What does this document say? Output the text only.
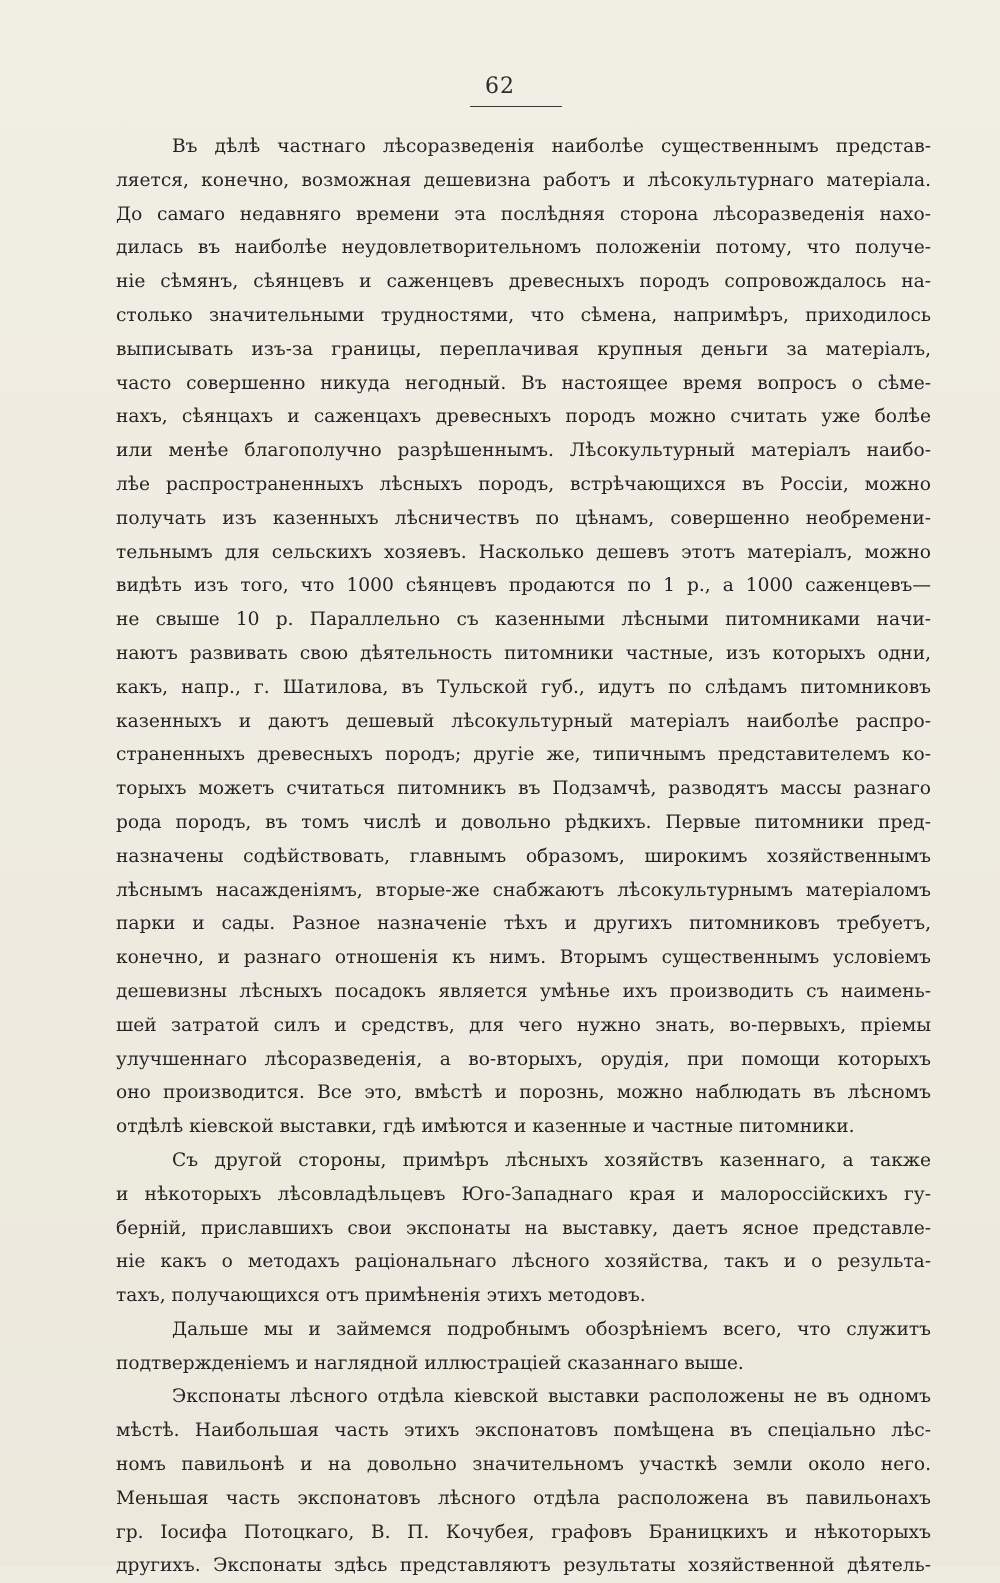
62
Въ дѣлѣ частнаго лѣсоразведенія наиболѣе существеннымъ представ-
ляется, конечно, возможная дешевизна работъ и лѣсокультурнаго матеріала.
До самаго недавняго времени эта послѣдняя сторона лѣсоразведенія нахо-
дилась въ наиболѣе неудовлетворительномъ положеніи потому, что получе-
ніе сѣмянъ, сѣянцевъ и саженцевъ древесныхъ породъ сопровождалось на-
столько значительными трудностями, что сѣмена, напримѣръ, приходилось
выписывать изъ-за границы, переплачивая крупныя деньги за матеріалъ,
часто совершенно никуда негодный. Въ настоящее время вопросъ о сѣме-
нахъ, сѣянцахъ и саженцахъ древесныхъ породъ можно считать уже болѣе
или менѣе благополучно разрѣшеннымъ. Лѣсокультурный матеріалъ наибо-
лѣе распространенныхъ лѣсныхъ породъ, встрѣчающихся въ Россіи, можно
получать изъ казенныхъ лѣсничествъ по цѣнамъ, совершенно необремени-
тельнымъ для сельскихъ хозяевъ. Насколько дешевъ этотъ матеріалъ, можно
видѣть изъ того, что 1000 сѣянцевъ продаются по 1 р., а 1000 саженцевъ—
не свыше 10 р. Параллельно съ казенными лѣсными питомниками начи-
наютъ развивать свою дѣятельность питомники частные, изъ которыхъ одни,
какъ, напр., г. Шатилова, въ Тульской губ., идутъ по слѣдамъ питомниковъ
казенныхъ и даютъ дешевый лѣсокультурный матеріалъ наиболѣе распро-
страненныхъ древесныхъ породъ; другіе же, типичнымъ представителемъ ко-
торыхъ можетъ считаться питомникъ въ Подзамчѣ, разводятъ массы разнаго
рода породъ, въ томъ числѣ и довольно рѣдкихъ. Первые питомники пред-
назначены содѣйствовать, главнымъ образомъ, широкимъ хозяйственнымъ
лѣснымъ насажденіямъ, вторые-же снабжаютъ лѣсокультурнымъ матеріаломъ
парки и сады. Разное назначеніе тѣхъ и другихъ питомниковъ требуетъ,
конечно, и разнаго отношенія къ нимъ. Вторымъ существеннымъ условіемъ
дешевизны лѣсныхъ посадокъ является умѣнье ихъ производить съ наимень-
шей затратой силъ и средствъ, для чего нужно знать, во-первыхъ, пріемы
улучшеннаго лѣсоразведенія, а во-вторыхъ, орудія, при помощи которыхъ
оно производится. Все это, вмѣстѣ и порознь, можно наблюдать въ лѣсномъ
отдѣлѣ кіевской выставки, гдѣ имѣются и казенные и частные питомники.
Съ другой стороны, примѣръ лѣсныхъ хозяйствъ казеннаго, а также
и нѣкоторыхъ лѣсовладѣльцевъ Юго-Западнаго края и малороссійскихъ гу-
берній, приславшихъ свои экспонаты на выставку, даетъ ясное представле-
ніе какъ о методахъ раціональнаго лѣсного хозяйства, такъ и о результа-
тахъ, получающихся отъ примѣненія этихъ методовъ.
Дальше мы и займемся подробнымъ обозрѣніемъ всего, что служитъ
подтвержденіемъ и наглядной иллюстраціей сказаннаго выше.
Экспонаты лѣсного отдѣла кіевской выставки расположены не въ одномъ
мѣстѣ. Наибольшая часть этихъ экспонатовъ помѣщена въ спеціально лѣс-
номъ павильонѣ и на довольно значительномъ участкѣ земли около него.
Меньшая часть экспонатовъ лѣсного отдѣла расположена въ павильонахъ
гр. Іосифа Потоцкаго, В. П. Кочубея, графовъ Браницкихъ и нѣкоторыхъ
другихъ. Экспонаты здѣсь представляютъ результаты хозяйственной дѣятель-
